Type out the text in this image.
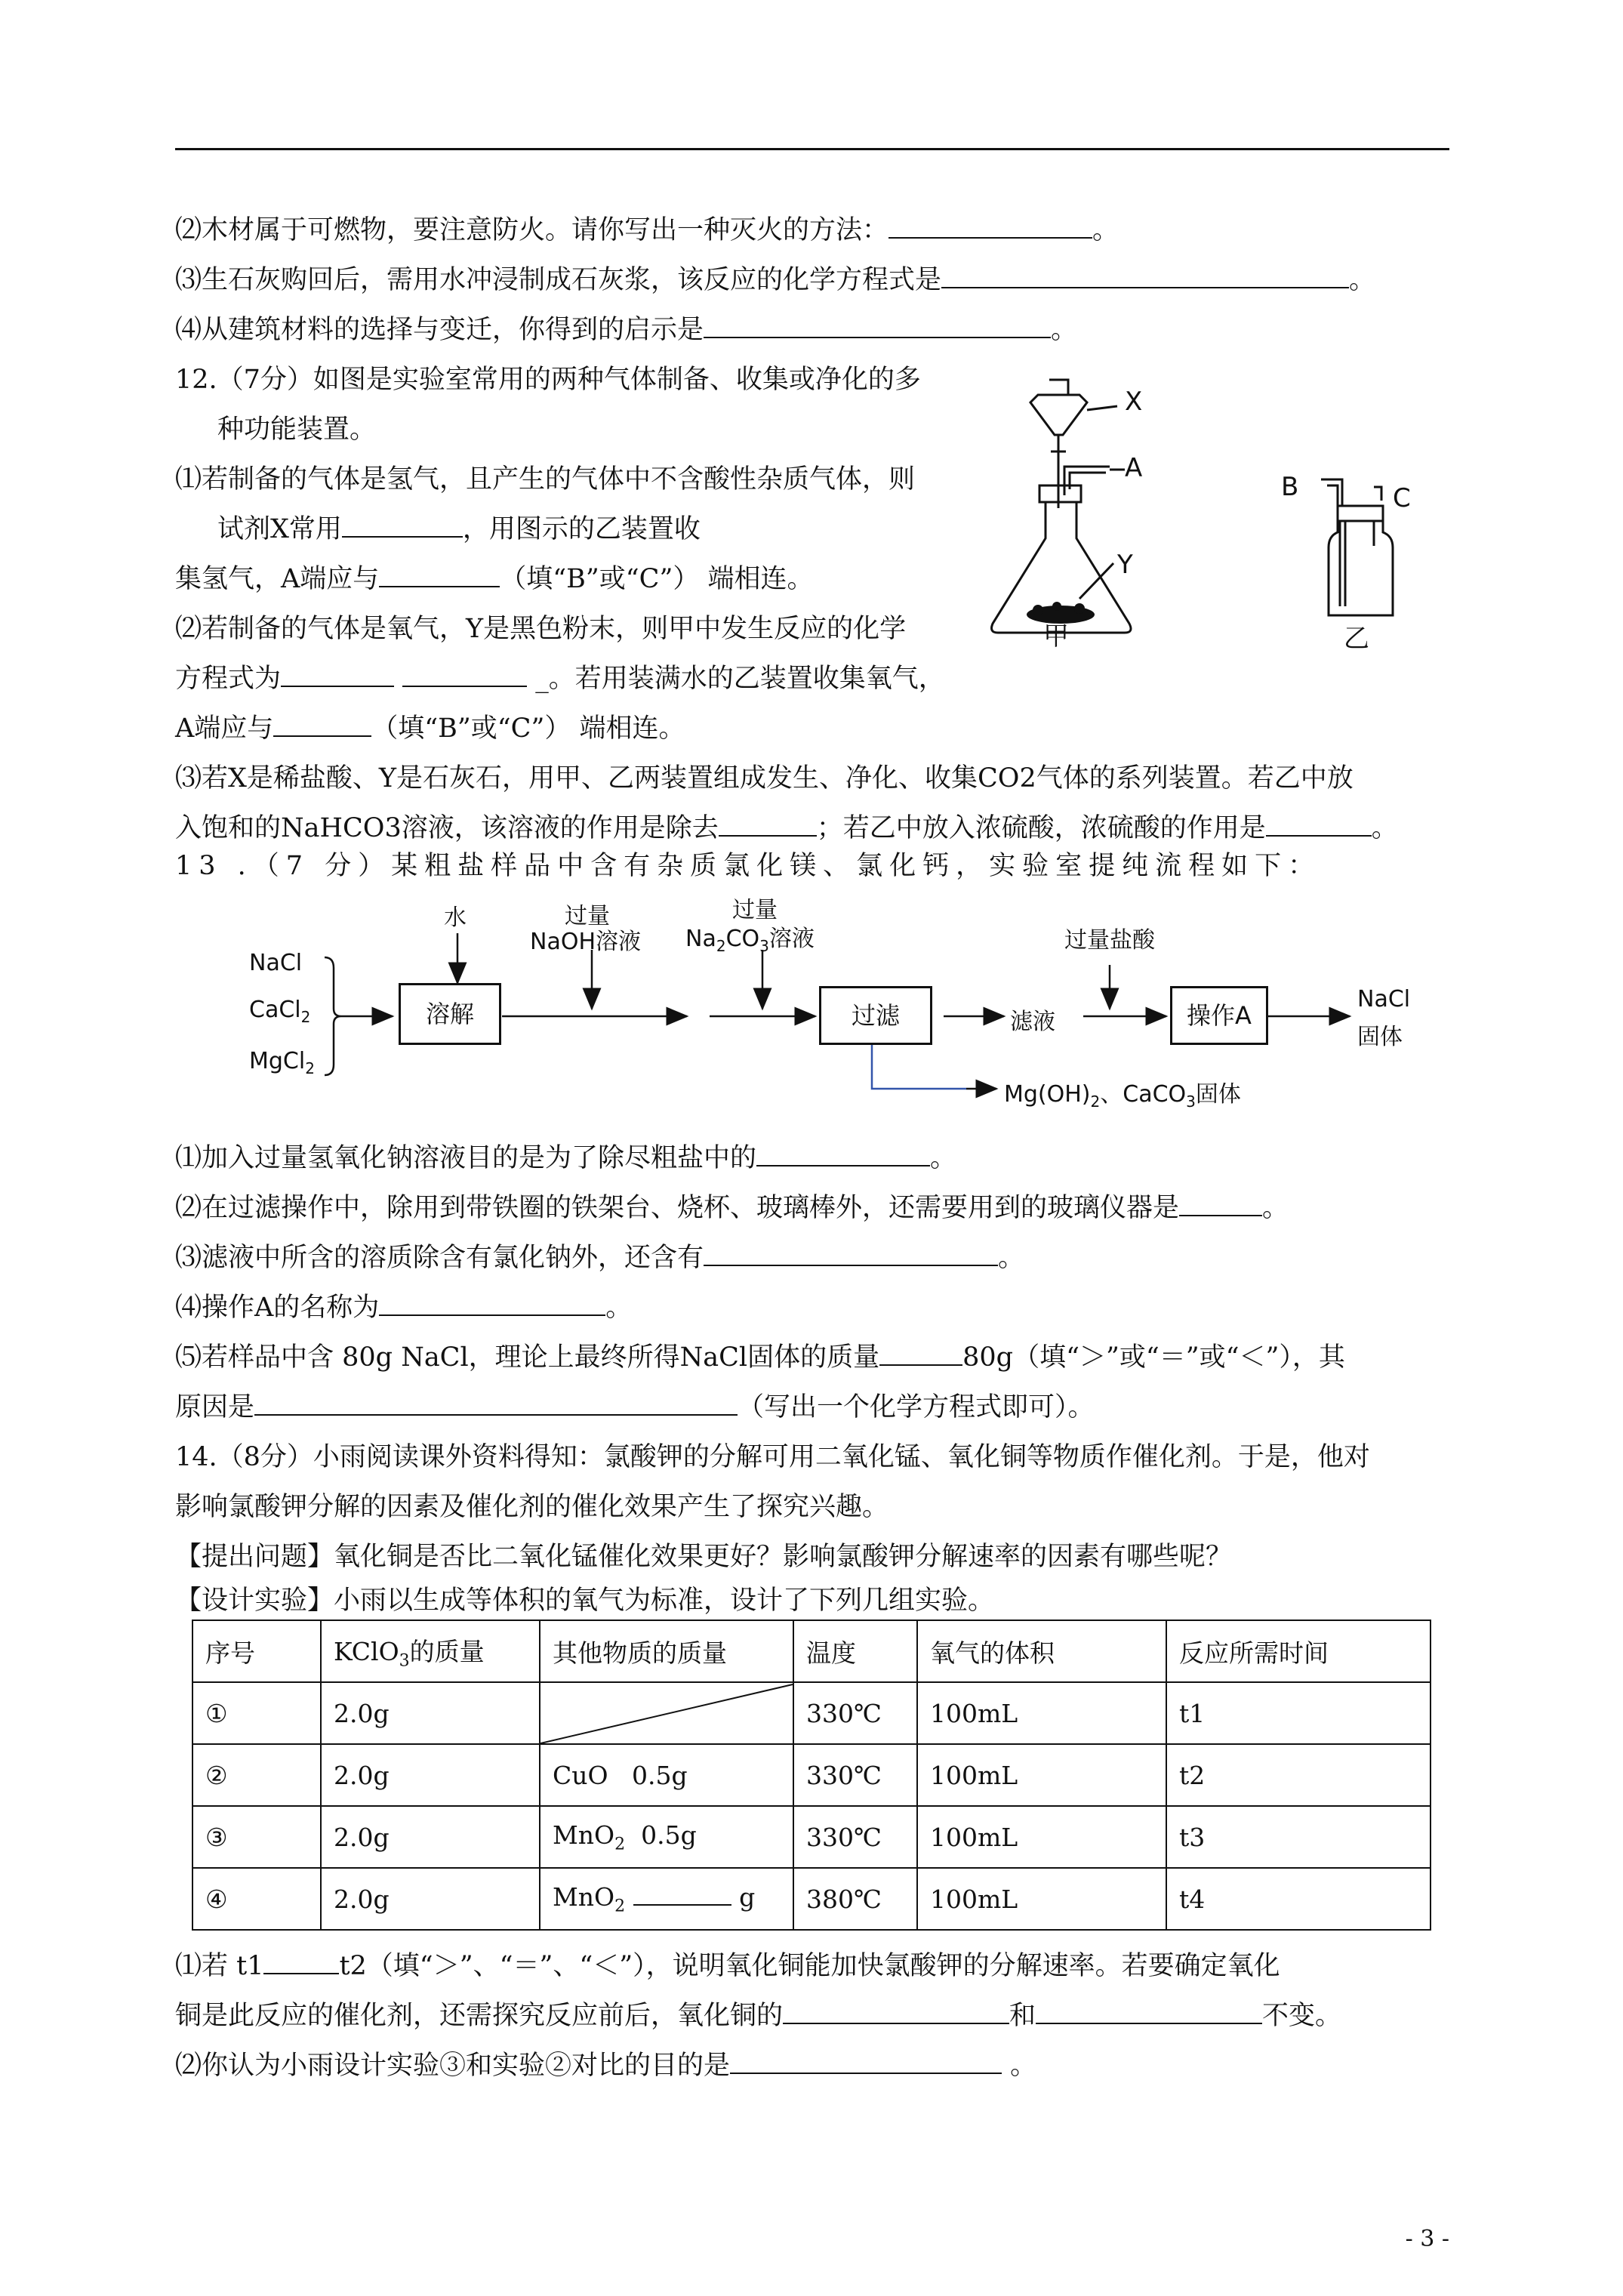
⑵木材属于可燃物，要注意防火。请你写出一种灭火的方法：	。
⑶生石灰购回后，需用水冲浸制成石灰浆，该反应的化学方程式是	。
⑷从建筑材料的选择与变迁，你得到的启示是	。
12.（7分）如图是实验室常用的两种气体制备、收集或净化的多
种功能装置。
⑴若制备的气体是氢气，且产生的气体中不含酸性杂质气体，则
试剂X常用	，用图示的乙装置收
集氢气，A端应与	（填“B”或“C”） 端相连。
⑵若制备的气体是氧气，Y是黑色粉末，则甲中发生反应的化学
方程式为	_。若用装满水的乙装置收集氧气，
A端应与	（填“B”或“C”） 端相连。
⑶若X是稀盐酸、Y是石灰石，用甲、乙两装置组成发生、净化、收集CO2气体的系列装置。若乙中放
入饱和的NaHCO3溶液，该溶液的作用是除去	；若乙中放入浓硫酸，浓硫酸的作用是	。
X
A
Y
甲
B	C
乙
13 .（7 分）某粗盐样品中含有杂质氯化镁、氯化钙，实验室提纯流程如下：
NaCl
CaCl$_2$
MgCl$_2$
水
溶解
过量
NaOH溶液
过量
$Na_2CO_3$溶液
过滤	滤液
过量盐酸
操作A
NaCl
固体
$Mg(OH)_2$、CaCO$_3$固体
⑴加入过量氢氧化钠溶液目的是为了除尽粗盐中的	。
⑵在过滤操作中，除用到带铁圈的铁架台、烧杯、玻璃棒外，还需要用到的玻璃仪器是	。
⑶滤液中所含的溶质除含有氯化钠外，还含有	。
⑷操作A的名称为	。
⑸若样品中含 80g NaCl，理论上最终所得NaCl固体的质量	80g（填“＞”或“＝”或“＜”），其
原因是	（写出一个化学方程式即可）。
14.（8分）小雨阅读课外资料得知：氯酸钾的分解可用二氧化锰、氧化铜等物质作催化剂。于是，他对
影响氯酸钾分解的因素及催化剂的催化效果产生了探究兴趣。
【提出问题】氧化铜是否比二氧化锰催化效果更好？影响氯酸钾分解速率的因素有哪些呢？
【设计实验】小雨以生成等体积的氧气为标准，设计了下列几组实验。
序号	KClO$_3$的质量	其他物质的质量	温度	氧气的体积	反应所需时间
①	2.0g		330℃	100mL	t1
②	2.0g	CuO   0.5g	330℃	100mL	t2
③	2.0g	MnO$_2$  0.5g	330℃	100mL	t3
④	2.0g	MnO$_2$ g	380℃	100mL	t4
⑴若 t1	t2（填“＞”、“＝”、“＜”），说明氧化铜能加快氯酸钾的分解速率。若要确定氧化
铜是此反应的催化剂，还需探究反应前后，氧化铜的	和	不变。
⑵你认为小雨设计实验③和实验②对比的目的是	。
- 3 -
